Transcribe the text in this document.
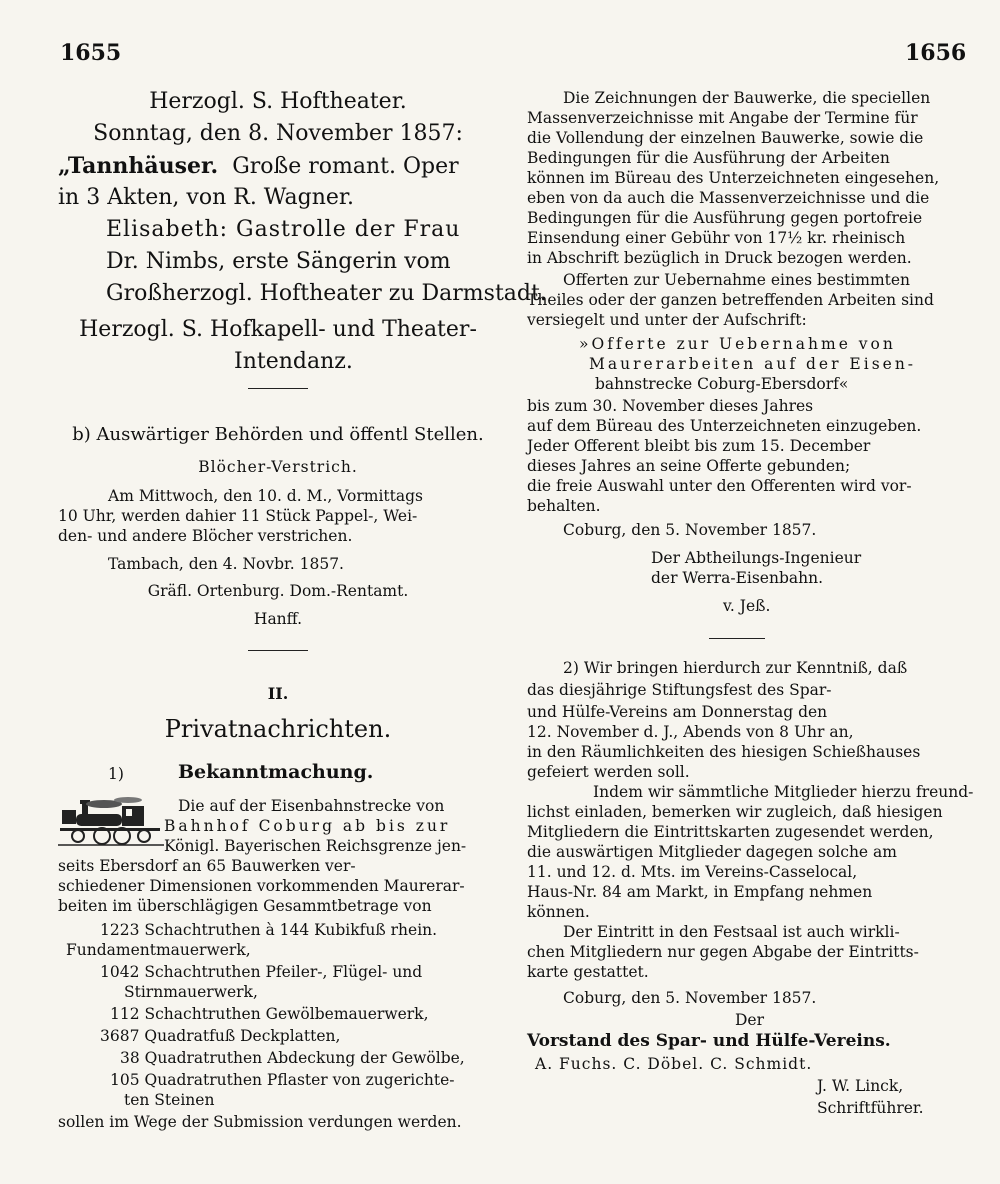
1655	1656
Herzogl. S. Hoftheater.
Sonntag, den 8. November 1857:
„Tannhäuser. Große romant. Oper
in 3 Akten, von R. Wagner.
Elisabeth: Gastrolle der Frau
Dr. Nimbs, erste Sängerin vom
Großherzogl. Hoftheater zu Darmstadt.
Herzogl. S. Hofkapell- und Theater-
Intendanz.
b) Auswärtiger Behörden und öffentl Stellen.
Blöcher-Verstrich.
Am Mittwoch, den 10. d. M., Vormittags
10 Uhr, werden dahier 11 Stück Pappel-, Wei-
den- und andere Blöcher verstrichen.
Tambach, den 4. Novbr. 1857.
Gräfl. Ortenburg. Dom.-Rentamt.
Hanff.
II.
Privatnachrichten.
1)	Bekanntmachung.
Die auf der Eisenbahnstrecke von
Bahnhof Coburg ab bis zur
Königl. Bayerischen Reichsgrenze jen-
seits Ebersdorf an 65 Bauwerken ver-
schiedener Dimensionen vorkommenden Maurerar-
beiten im überschlägigen Gesammtbetrage von
1223 Schachtruthen à 144 Kubikfuß rhein.
Fundamentmauerwerk,
1042 Schachtruthen Pfeiler-, Flügel- und
Stirnmauerwerk,
112 Schachtruthen Gewölbemauerwerk,
3687 Quadratfuß Deckplatten,
38 Quadratruthen Abdeckung der Gewölbe,
105 Quadratruthen Pflaster von zugerichte-
ten Steinen
sollen im Wege der Submission verdungen werden.
Die Zeichnungen der Bauwerke, die speciellen
Massenverzeichnisse mit Angabe der Termine für
die Vollendung der einzelnen Bauwerke, sowie die
Bedingungen für die Ausführung der Arbeiten
können im Büreau des Unterzeichneten eingesehen,
eben von da auch die Massenverzeichnisse und die
Bedingungen für die Ausführung gegen portofreie
Einsendung einer Gebühr von 17½ kr. rheinisch
in Abschrift bezüglich in Druck bezogen werden.
Offerten zur Uebernahme eines bestimmten
Theiles oder der ganzen betreffenden Arbeiten sind
versiegelt und unter der Aufschrift:
»Offerte zur Uebernahme von
Maurerarbeiten auf der Eisen-
bahnstrecke Coburg-Ebersdorf«
bis zum 30. November dieses Jahres
auf dem Büreau des Unterzeichneten einzugeben.
Jeder Offerent bleibt bis zum 15. December
dieses Jahres an seine Offerte gebunden;
die freie Auswahl unter den Offerenten wird vor-
behalten.
Coburg, den 5. November 1857.
Der Abtheilungs-Ingenieur
der Werra-Eisenbahn.
v. Jeß.
2) Wir bringen hierdurch zur Kenntniß, daß
das diesjährige Stiftungsfest des Spar-
und Hülfe-Vereins am Donnerstag den
12. November d. J., Abends von 8 Uhr an,
in den Räumlichkeiten des hiesigen Schießhauses
gefeiert werden soll.
Indem wir sämmtliche Mitglieder hierzu freund-
lichst einladen, bemerken wir zugleich, daß hiesigen
Mitgliedern die Eintrittskarten zugesendet werden,
die auswärtigen Mitglieder dagegen solche am
11. und 12. d. Mts. im Vereins-Casselocal,
Haus-Nr. 84 am Markt, in Empfang nehmen
können.
Der Eintritt in den Festsaal ist auch wirkli-
chen Mitgliedern nur gegen Abgabe der Eintritts-
karte gestattet.
Coburg, den 5. November 1857.
Der
Vorstand des Spar- und Hülfe-Vereins.
A. Fuchs. C. Döbel. C. Schmidt.
J. W. Linck,
Schriftführer.
